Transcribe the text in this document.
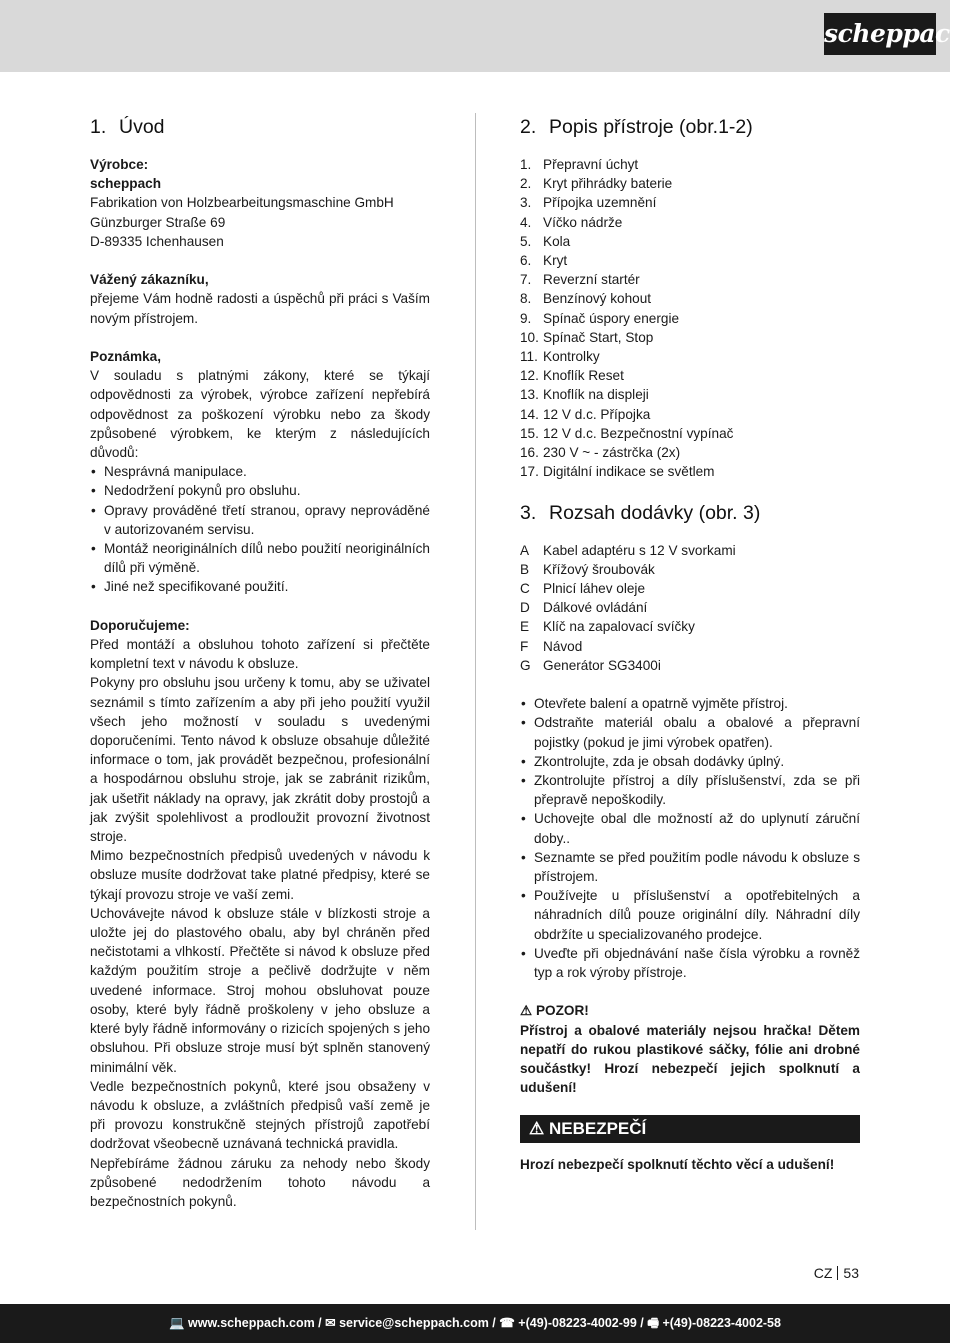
scheppach
1. Úvod
Výrobce:
scheppach
Fabrikation von Holzbearbeitungsmaschine GmbH
Günzburger Straße 69
D-89335 Ichenhausen
Vážený zákazníku,

přejeme Vám hodně radosti a úspěchů při práci s Vaším novým přístrojem.

Poznámka,

V souladu s platnými zákony, které se týkají odpovědnosti za výrobek, výrobce zařízení nepřebírá odpovědnost za poškození výrobku nebo za škody způsobené výrobkem, ke kterým z následujících důvodů:

• Nesprávná manipulace.
• Nedodržení pokynů pro obsluhu.
• Opravy prováděné třetí stranou, opravy neprováděné v autorizovaném servisu.
• Montáž neoriginálních dílů nebo použití neoriginálních dílů při výměně.
• Jiné než specifikované použití.
Doporučujeme:

Před montáží a obsluhou tohoto zařízení si přečtěte kompletní text v návodu k obsluze.

Pokyny pro obsluhu jsou určeny k tomu, aby se uživatel seznámil s tímto zařízením a aby při jeho použití využil všech jeho možností v souladu s uvedenými doporučeními. Tento návod k obsluze obsahuje důležité informace o tom, jak provádět bezpečnou, profesionální a hospodárnou obsluhu stroje, jak se zabránit rizikům, jak ušetřit náklady na opravy, jak zkrátit doby prostojů a jak zvýšit spolehlivost a prodloužit provozní životnost stroje.

Mimo bezpečnostních předpisů uvedených v návodu k obsluze musíte dodržovat take platné předpisy, které se týkají provozu stroje ve vaší zemi.

Uchovávejte návod k obsluze stále v blízkosti stroje a uložte jej do plastového obalu, aby byl chráněn před nečistotami a vlhkostí. Přečtěte si návod k obsluze před každým použitím stroje a pečlivě dodržujte v něm uvedené informace. Stroj mohou obsluhovat pouze osoby, které byly řádně proškoleny v jeho obsluze a které byly řádně informovány o rizicích spojených s jeho obsluhou. Při obsluze stroje musí být splněn stanovený minimální věk.

Vedle bezpečnostních pokynů, které jsou obsaženy v návodu k obsluze, a zvláštních předpisů vaší země je při provozu konstrukčně stejných přístrojů zapotřebí dodržovat všeobecně uznávaná technická pravidla.

Nepřebíráme žádnou záruku za nehody nebo škody způsobené nedodržením tohoto návodu a bezpečnostních pokynů.

2. Popis přístroje (obr.1-2)
1. Přepravní úchyt
2. Kryt přihrádky baterie
3. Přípojka uzemnění
4. Víčko nádrže
5. Kola
6. Kryt
7. Reverzní startér
8. Benzínový kohout
9. Spínač úspory energie
10. Spínač Start, Stop
11. Kontrolky
12. Knoflík Reset
13. Knoflík na displeji
14. 12 V d.c. Přípojka
15. 12 V d.c. Bezpečnostní vypínač
16. 230 V ~ - zástrčka (2x)
17. Digitální indikace se světlem
3. Rozsah dodávky (obr. 3)
A Kabel adaptéru s 12 V svorkami
B Křížový šroubovák
C Plnicí láhev oleje
D Dálkové ovládání
E Klíč na zapalovací svíčky
F Návod
G Generátor SG3400i
• Otevřete balení a opatrně vyjměte přístroj.
• Odstraňte materiál obalu a obalové a přepravní pojistky (pokud je jimi výrobek opatřen).
• Zkontrolujte, zda je obsah dodávky úplný.
• Zkontrolujte přístroj a díly příslušenství, zda se při přepravě nepoškodily.
• Uchovejte obal dle možností až do uplynutí záruční doby..
• Seznamte se před použitím podle návodu k obsluze s přístrojem.
• Používejte u příslušenství a opotřebitelných a náhradních dílů pouze originální díly. Náhradní díly obdržíte u specializovaného prodejce.
• Uveďte při objednávání naše čísla výrobku a rovněž typ a rok výroby přístroje.
⚠ POZOR!

Přístroj a obalové materiály nejsou hračka! Dětem nepatří do rukou plastikové sáčky, fólie ani drobné součástky! Hrozí nebezpečí jejich spolknutí a udušení!

⚠ NEBEZPEČÍ

Hrozí nebezpečí spolknutí těchto věcí a udušení!

CZ 53
💻 www.scheppach.com / ✉ service@scheppach.com / ☎ +(49)-08223-4002-99 / 🖷 +(49)-08223-4002-58
